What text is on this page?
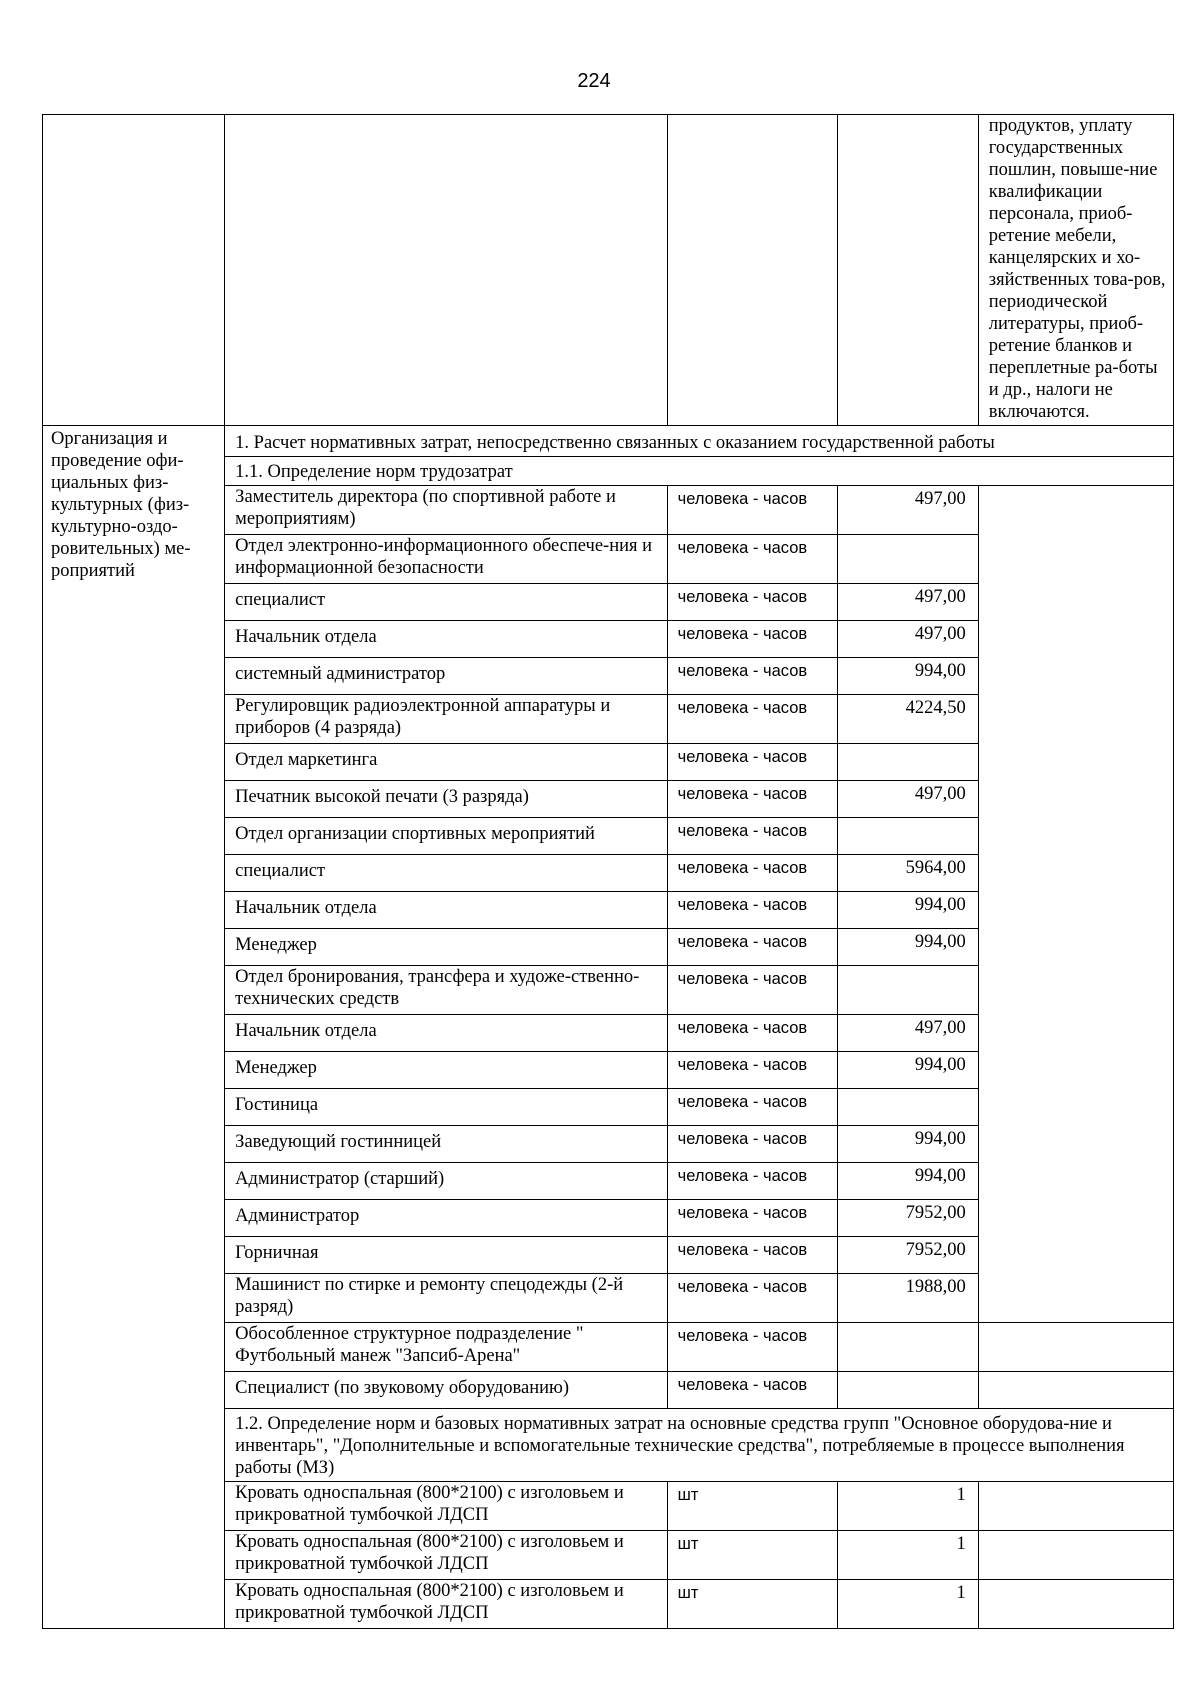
224
				продуктов, уплату государственных пошлин, повыше-ние квалификации персонала, приоб-ретение мебели, канцелярских и хо-зяйственных това-ров, периодической литературы, приоб-ретение бланков и переплетные ра-боты и др., налоги не включаются.
Организация и проведение офи-циальных физ-культурных (физ-культурно-оздо-ровительных) ме-роприятий	1. Расчет нормативных затрат, непосредственно связанных с оказанием государственной работы			
	1.1. Определение норм трудозатрат			
	Заместитель директора (по спортивной работе и мероприятиям)	человека - часов	497,00	
	Отдел электронно-информационного обеспече-ния и информационной безопасности	человека - часов		
	специалист	человека - часов	497,00	
	Начальник отдела	человека - часов	497,00	
	системный администратор	человека - часов	994,00	
	Регулировщик радиоэлектронной аппаратуры и приборов (4 разряда)	человека - часов	4224,50	
	Отдел маркетинга	человека - часов		
	Печатник высокой печати (3 разряда)	человека - часов	497,00	
	Отдел организации спортивных мероприятий	человека - часов		
	специалист	человека - часов	5964,00	
	Начальник отдела	человека - часов	994,00	
	Менеджер	человека - часов	994,00	
	Отдел бронирования, трансфера и художе-ственно-технических средств	человека - часов		
	Начальник отдела	человека - часов	497,00	
	Менеджер	человека - часов	994,00	
	Гостиница	человека - часов		
	Заведующий гостинницей	человека - часов	994,00	
	Администратор (старший)	человека - часов	994,00	
	Администратор	человека - часов	7952,00	
	Горничная	человека - часов	7952,00	
	Машинист по стирке и ремонту спецодежды (2-й разряд)	человека - часов	1988,00	
	Обособленное структурное подразделение " Футбольный манеж "Запсиб-Арена"	человека - часов		
	Специалист (по звуковому оборудованию)	человека - часов		
	1.2. Определение норм и базовых нормативных затрат на основные средства групп "Основное оборудова-ние и инвентарь", "Дополнительные и вспомогательные технические средства", потребляемые в процессе выполнения работы (МЗ)			
	Кровать односпальная (800*2100) с изголовьем и прикроватной тумбочкой ЛДСП	шт	1	
	Кровать односпальная (800*2100) с изголовьем и прикроватной тумбочкой ЛДСП	шт	1	
	Кровать односпальная (800*2100) с изголовьем и прикроватной тумбочкой ЛДСП	шт	1	
